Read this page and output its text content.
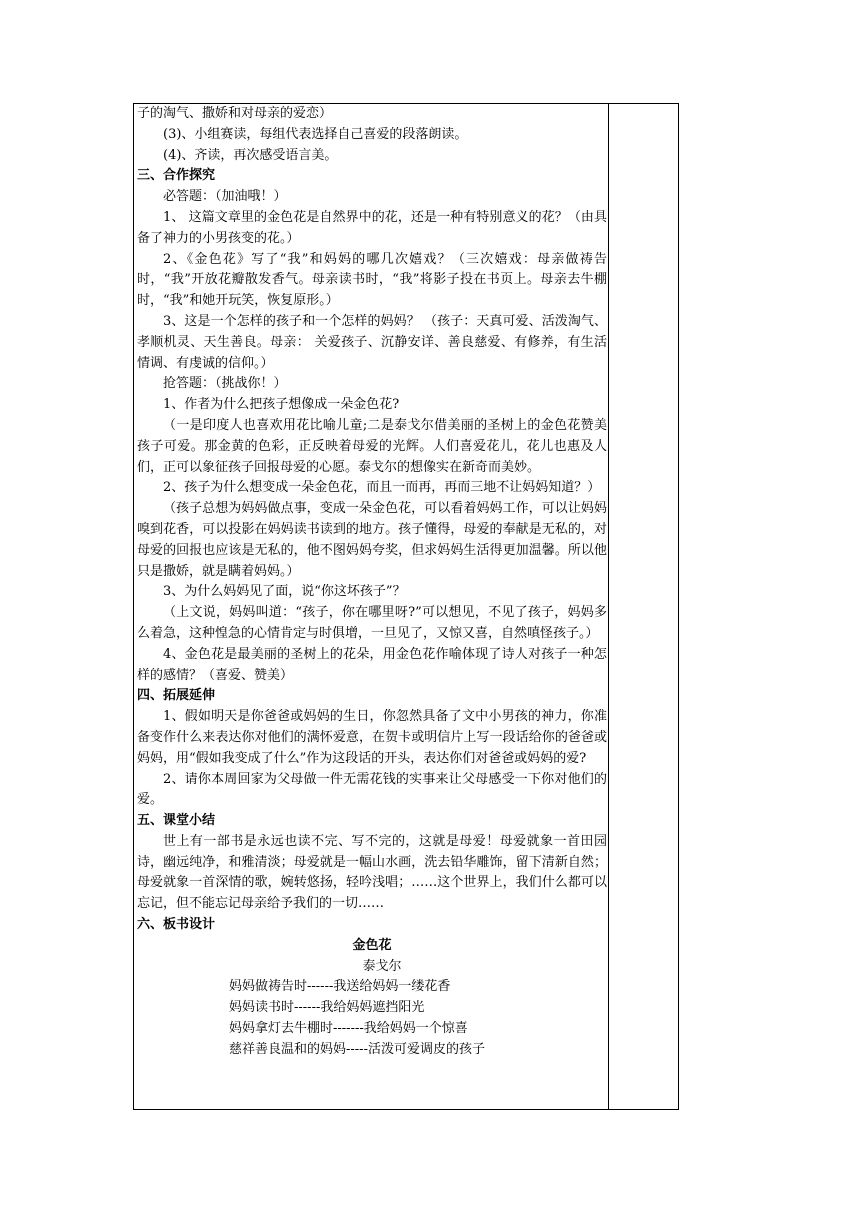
子的淘气、撒娇和对母亲的爱恋）

(3)、小组赛读，每组代表选择自己喜爱的段落朗读。

(4)、齐读，再次感受语言美。

三、合作探究

必答题：（加油哦！）

1、 这篇文章里的金色花是自然界中的花，还是一种有特别意义的花？（由具备了神力的小男孩变的花。）

2、《金色花》写了“我”和妈妈的哪几次嬉戏？（三次嬉戏：母亲做祷告时，“我”开放花瓣散发香气。母亲读书时，“我”将影子投在书页上。母亲去牛棚时，“我”和她开玩笑，恢复原形。）

3、这是一个怎样的孩子和一个怎样的妈妈？ （孩子：天真可爱、活泼淘气、 孝顺机灵、天生善良。母亲： 关爱孩子、沉静安详、善良慈爱、有修养，有生活情调、有虔诚的信仰。）

抢答题：（挑战你！）

1、作者为什么把孩子想像成一朵金色花?

（一是印度人也喜欢用花比喻儿童;二是泰戈尔借美丽的圣树上的金色花赞美孩子可爱。那金黄的色彩，正反映着母爱的光辉。人们喜爱花儿，花儿也惠及人们，正可以象征孩子回报母爱的心愿。泰戈尔的想像实在新奇而美妙。

2、孩子为什么想变成一朵金色花，而且一而再，再而三地不让妈妈知道？）

（孩子总想为妈妈做点事，变成一朵金色花，可以看着妈妈工作，可以让妈妈嗅到花香，可以投影在妈妈读书读到的地方。孩子懂得，母爱的奉献是无私的，对母爱的回报也应该是无私的，他不图妈妈夸奖，但求妈妈生活得更加温馨。所以他只是撒娇，就是瞒着妈妈。）

3、为什么妈妈见了面，说“你这坏孩子”？

（上文说，妈妈叫道：“孩子，你在哪里呀?”可以想见，不见了孩子，妈妈多么着急，这种惶急的心情肯定与时俱增，一旦见了，又惊又喜，自然嗔怪孩子。）

4、金色花是最美丽的圣树上的花朵，用金色花作喻体现了诗人对孩子一种怎样的感情？（喜爱、赞美）

四、拓展延伸

1、假如明天是你爸爸或妈妈的生日，你忽然具备了文中小男孩的神力，你准备变作什么来表达你对他们的满怀爱意，在贺卡或明信片上写一段话给你的爸爸或妈妈，用“假如我变成了什么”作为这段话的开头，表达你们对爸爸或妈妈的爱?

2、请你本周回家为父母做一件无需花钱的实事来让父母感受一下你对他们的爱。

五、课堂小结

世上有一部书是永远也读不完、写不完的，这就是母爱！母爱就象一首田园诗，幽远纯净，和雅清淡；母爱就是一幅山水画，洗去铅华雕饰，留下清新自然；母爱就象一首深情的歌，婉转悠扬，轻吟浅唱；……这个世界上，我们什么都可以忘记，但不能忘记母亲给予我们的一切……

六、板书设计

金色花

泰戈尔

妈妈做祷告时------我送给妈妈一缕花香

妈妈读书时------我给妈妈遮挡阳光

妈妈拿灯去牛棚时-------我给妈妈一个惊喜

慈祥善良温和的妈妈-----活泼可爱调皮的孩子
